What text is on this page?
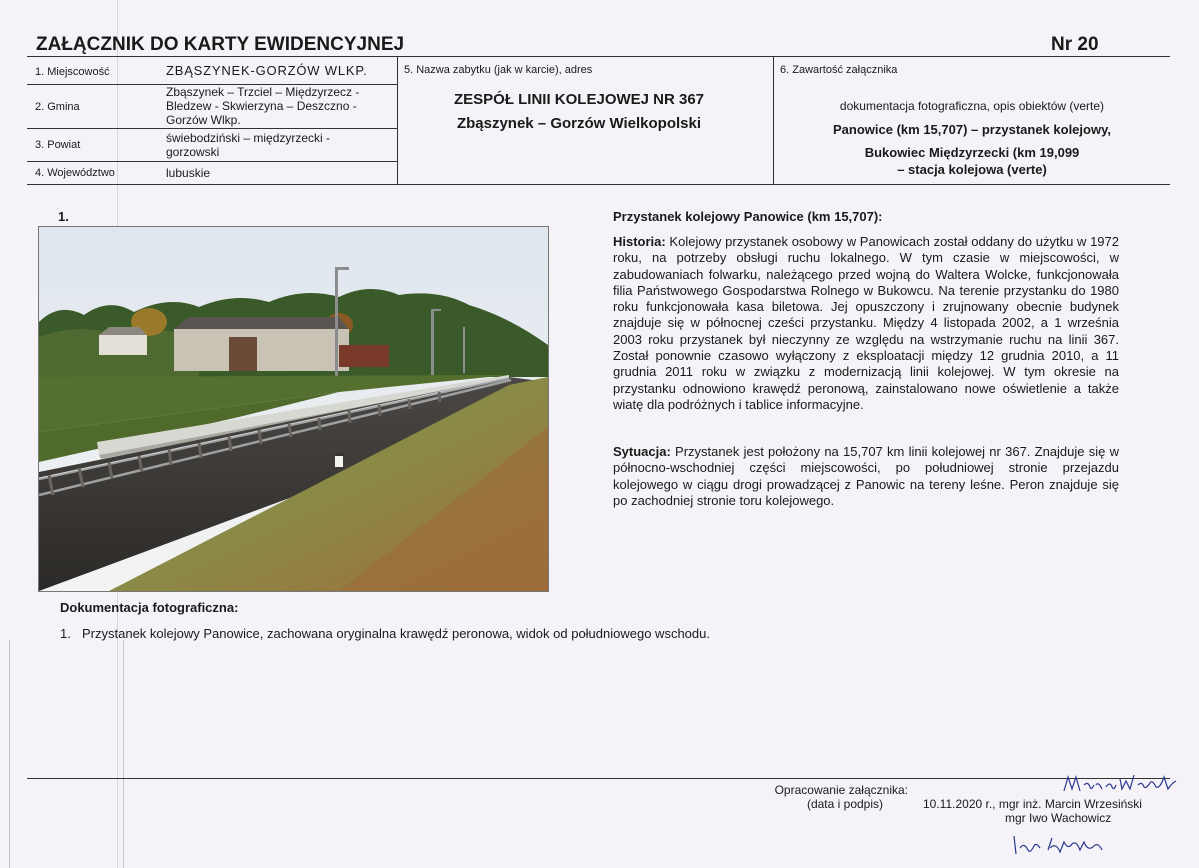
ZAŁĄCZNIK DO KARTY EWIDENCYJNEJ	Nr 20
1. Miejscowość	ZBĄSZYNEK-GORZÓW WLKP.
2. Gmina
Zbąszynek – Trzciel – Międzyrzecz - Bledzew - Skwierzyna – Deszczno - Gorzów Wlkp.
3. Powiat	świebodziński – międzyrzecki - gorzowski
4. Województwo	lubuskie
5. Nazwa zabytku (jak w karcie), adres
ZESPÓŁ LINII KOLEJOWEJ NR 367
Zbąszynek – Gorzów Wielkopolski
6. Zawartość załącznika
dokumentacja fotograficzna, opis obiektów (verte)
Panowice (km 15,707) – przystanek kolejowy,
Bukowiec Międzyrzecki (km 19,099
– stacja kolejowa (verte)
1.	Przystanek kolejowy Panowice (km 15,707):
Historia: Kolejowy przystanek osobowy w Panowicach został oddany do użytku w 1972 roku, na potrzeby obsługi ruchu lokalnego. W tym czasie w miejscowości, w zabudowaniach folwarku, należącego przed wojną do Waltera Wolcke, funkcjonowała filia Państwowego Gospodarstwa Rolnego w Bukowcu. Na terenie przystanku do 1980 roku funkcjonowała kasa biletowa. Jej opuszczony i zrujnowany obecnie budynek znajduje się w północnej cześci przystanku. Między 4 listopada 2002, a 1 września 2003 roku przystanek był nieczynny ze względu na wstrzymanie ruchu na linii 367. Został ponownie czasowo wyłączony z eksploatacji między 12 grudnia 2010, a 11 grudnia 2011 roku w związku z modernizacją linii kolejowej. W tym okresie na przystanku odnowiono krawędź peronową, zainstalowano nowe oświetlenie a także wiatę dla podróżnych i tablice informacyjne.
Sytuacja: Przystanek jest położony na 15,707 km linii kolejowej nr 367. Znajduje się w północno-wschodniej części miejscowości, po południowej stronie przejazdu kolejowego w ciągu drogi prowadzącej z Panowic na tereny leśne. Peron znajduje się po zachodniej stronie toru kolejowego.
Dokumentacja fotograficzna:
1. Przystanek kolejowy Panowice, zachowana oryginalna krawędź peronowa, widok od południowego wschodu.
Opracowanie załącznika:
(data i podpis)	10.11.2020 r., mgr inż. Marcin Wrzesiński
mgr Iwo Wachowicz
